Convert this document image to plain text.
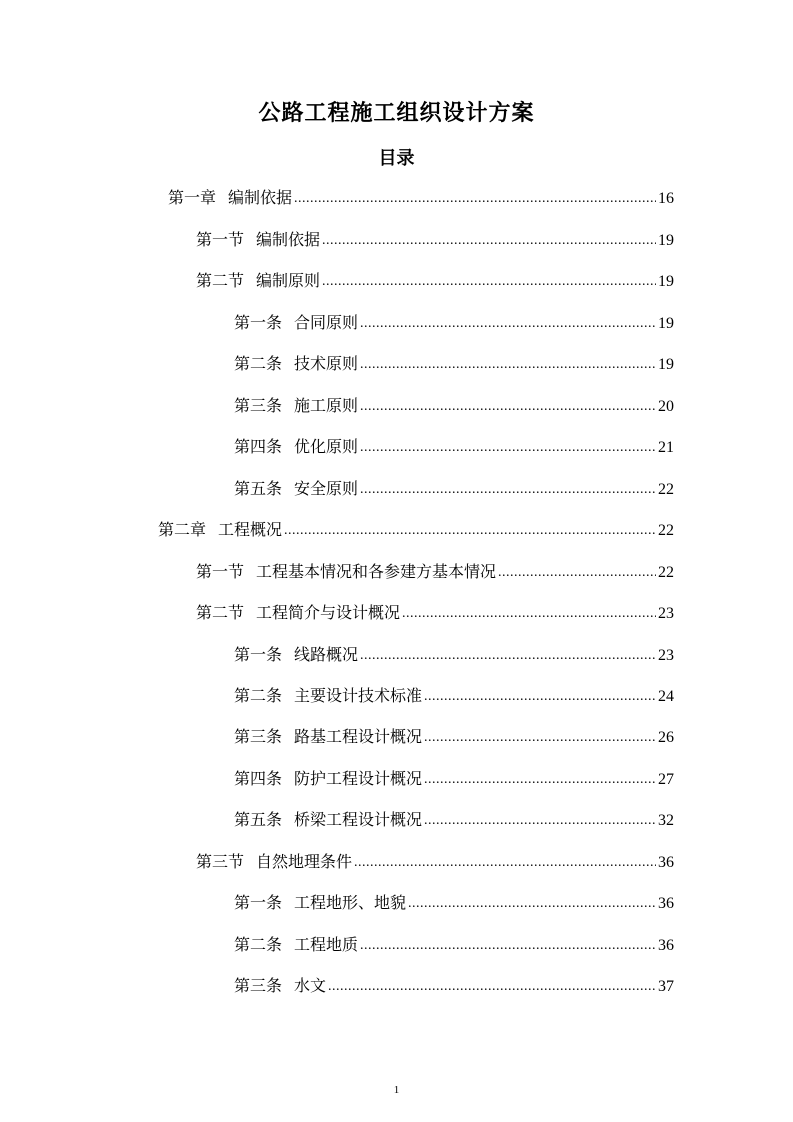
公路工程施工组织设计方案
目录
第一章 编制依据 .....	16
第一节 编制依据 .....	19
第二节 编制原则 .....	19
第一条 合同原则 .....	19
第二条 技术原则 .....	19
第三条 施工原则 .....	20
第四条 优化原则 .....	21
第五条 安全原则 .....	22
第二章 工程概况 .....	22
第一节 工程基本情况和各参建方基本情况 .....	22
第二节 工程简介与设计概况 .....	23
第一条 线路概况 .....	23
第二条 主要设计技术标准 .....	24
第三条 路基工程设计概况 .....	26
第四条 防护工程设计概况 .....	27
第五条 桥梁工程设计概况 .....	32
第三节 自然地理条件 .....	36
第一条 工程地形、地貌 .....	36
第二条 工程地质 .....	36
第三条 水文 .....	37
1
